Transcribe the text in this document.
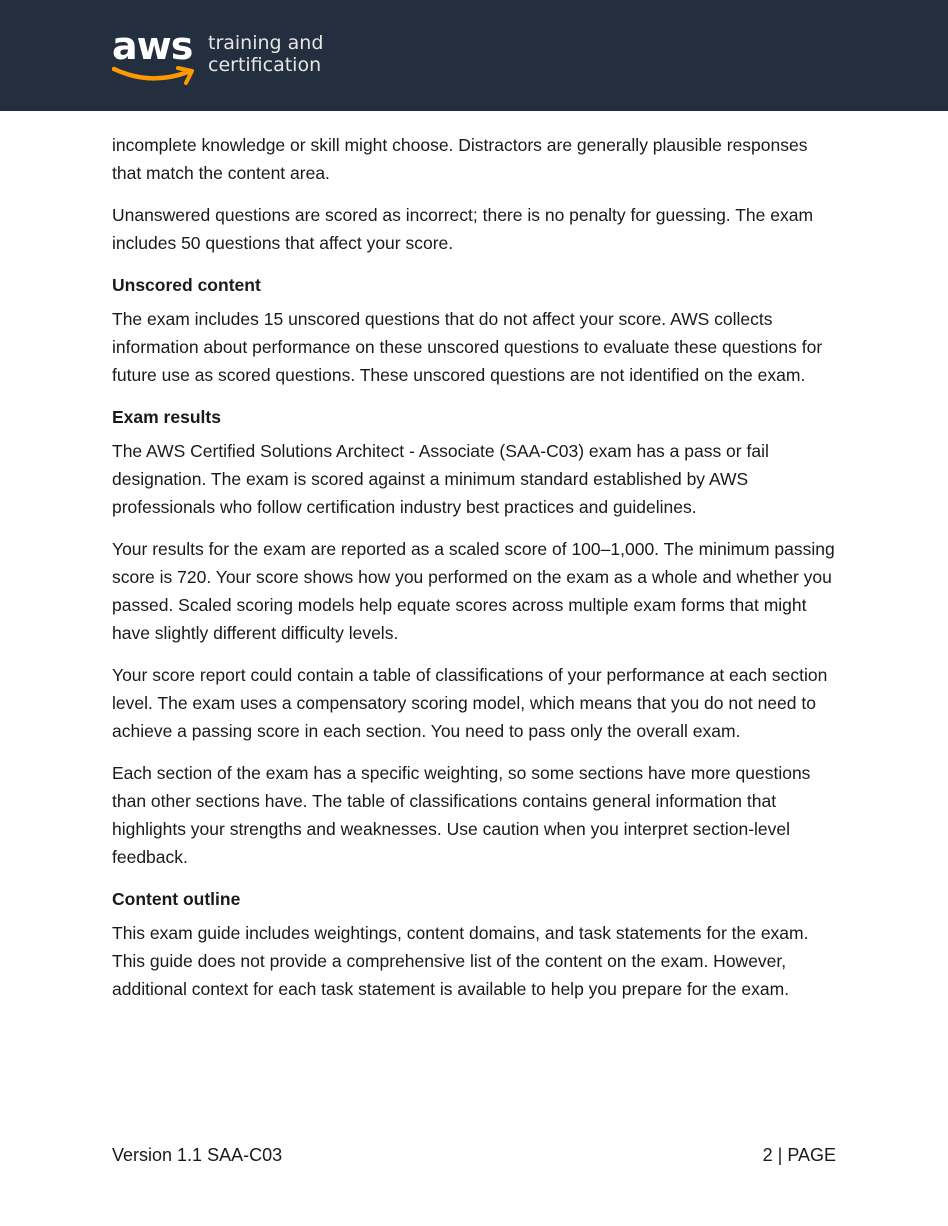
aws training and
certification

incomplete knowledge or skill might choose. Distractors are generally plausible responses that match the content area.

Unanswered questions are scored as incorrect; there is no penalty for guessing. The exam includes 50 questions that affect your score.

Unscored content

The exam includes 15 unscored questions that do not affect your score. AWS collects information about performance on these unscored questions to evaluate these questions for future use as scored questions. These unscored questions are not identified on the exam.

Exam results

The AWS Certified Solutions Architect - Associate (SAA-C03) exam has a pass or fail designation. The exam is scored against a minimum standard established by AWS professionals who follow certification industry best practices and guidelines.

Your results for the exam are reported as a scaled score of 100–1,000. The minimum passing score is 720. Your score shows how you performed on the exam as a whole and whether you passed. Scaled scoring models help equate scores across multiple exam forms that might have slightly different difficulty levels.

Your score report could contain a table of classifications of your performance at each section level. The exam uses a compensatory scoring model, which means that you do not need to achieve a passing score in each section. You need to pass only the overall exam.

Each section of the exam has a specific weighting, so some sections have more questions than other sections have. The table of classifications contains general information that highlights your strengths and weaknesses. Use caution when you interpret section-level feedback.

Content outline

This exam guide includes weightings, content domains, and task statements for the exam. This guide does not provide a comprehensive list of the content on the exam. However, additional context for each task statement is available to help you prepare for the exam.

Version 1.1 SAA-C03	2 | PAGE
